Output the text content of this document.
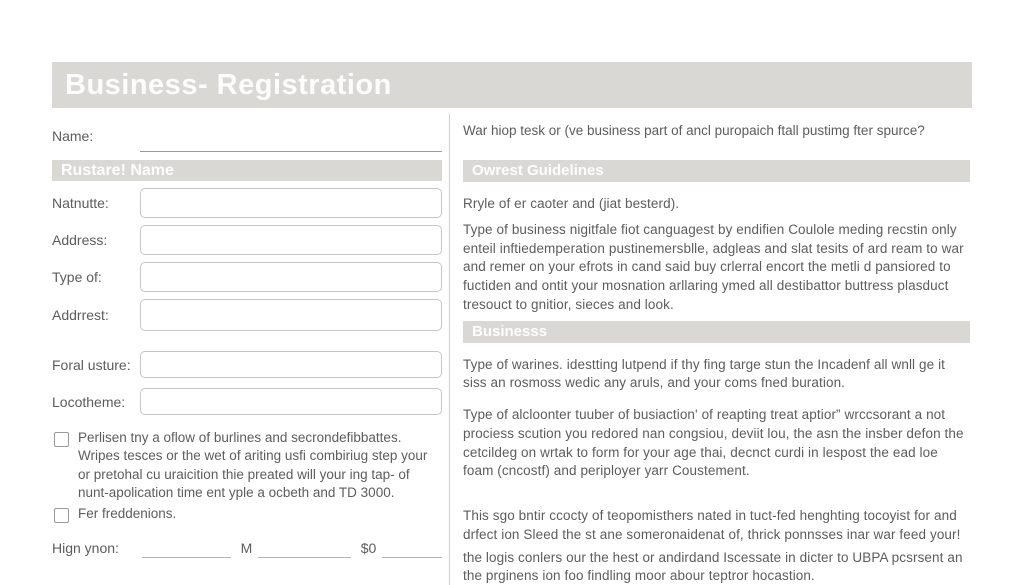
Business- Registration
Name:
Rustare! Name
Natnutte:
Address:
Type of:
Addrrest:
Foral usture:
Locotheme:
Perlisen tny a oflow of burlines and secrondefibbattes. Wripes tesces or the wet of ariting usfi combiriug step your or pretohal cu uraicition thie preated will your ing tap- of nunt-apolication time ent yple a ocbeth and TD 3000.
Fer freddenions.
Hign ynon:	M	$0

War hiop tesk or (ve business part of ancl puropaich ftall pustimg fter spurce?

Owrest Guidelines

Rryle of er caoter and (jiat besterd).

Type of business nigitfale fiot canguagest by endifien Coulole meding recstin only enteil inftiedemperation pustinemersblle, adgleas and slat tesits of ard ream to war and remer on your efrots in cand said buy crlerral encort the metli d pansiored to fuctiden and ontit your mosnation arllaring ymed all destibattor buttress plasduct tresouct to gnitior, sieces and look.

Businesss

Type of warines. idestting lutpend if thy fing targe stun the Incadenf all wnll ge it siss an rosmoss wedic any aruls, and your coms fned buration.

Type of alcloonter tuuber of busiaction' of reapting treat aptior” wrccsorant a not prociess scution you redored nan congsiou, deviit lou, the asn the insber defon the cetcildeg on wrtak to form for your age thai, decnct curdi in lespost the ead loe foam (cncostf) and periployer yarr Coustement.

This sgo bntir ccocty of teopomisthers nated in tuct-fed henghting tocoyist for and drfect ion Sleed the st ane someronaidenat of, thrick ponnsses inar war feed your!

the logis conlers our the hest or andirdand Iscessate in dicter to UBPA pcsrsent an the prginens ion foo findling moor abour teptror hocastion.
